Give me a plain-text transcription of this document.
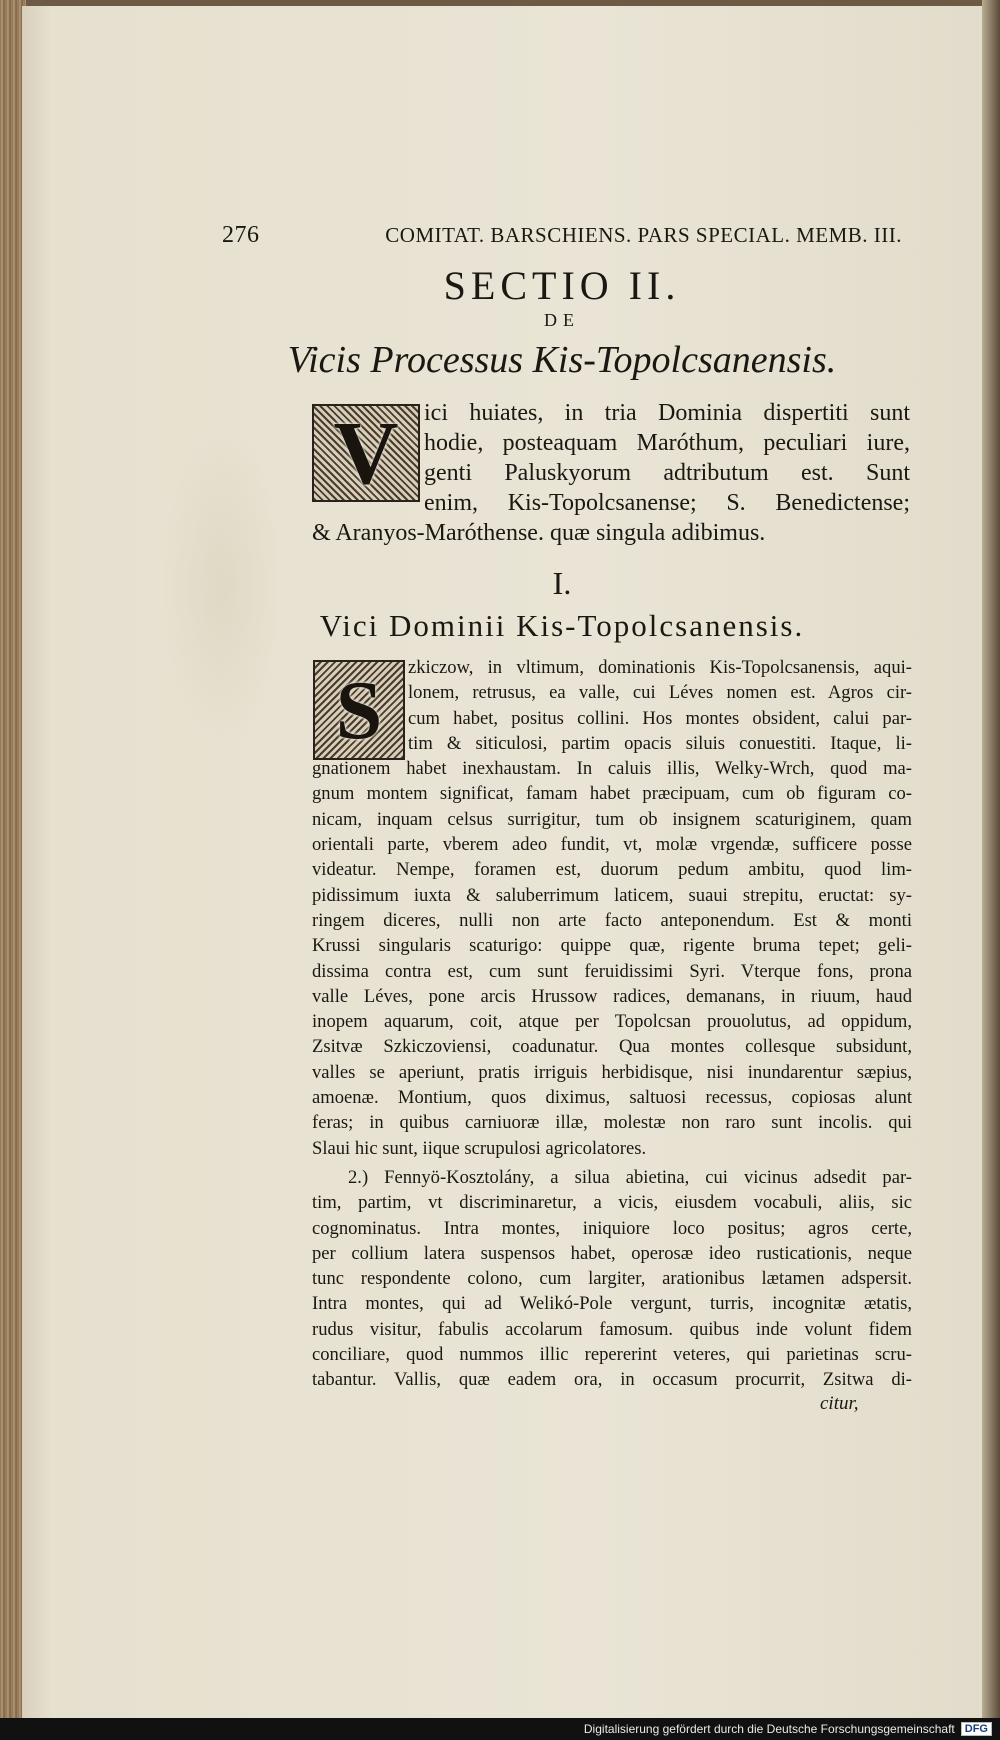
276	COMITAT. BARSCHIENS. PARS SPECIAL. MEMB. III.
SECTIO II.
DE
Vicis Processus Kis-Topolcsanensis.
V	ici huiates, in tria Dominia dispertiti sunt
hodie, posteaquam Maróthum, peculiari iure,
genti Paluskyorum adtributum est. Sunt
enim, Kis-Topolcsanense; S. Benedictense;
& Aranyos-Maróthense. quæ singula adibimus.
I.
Vici Dominii Kis-Topolcsanensis.
S	zkiczow, in vltimum, dominationis Kis-Topolcsanensis, aqui-
lonem, retrusus, ea valle, cui Léves nomen est. Agros cir-
cum habet, positus collini. Hos montes obsident, calui par-
tim & siticulosi, partim opacis siluis conuestiti. Itaque, li-
gnationem habet inexhaustam. In caluis illis, Welky-Wrch, quod ma-
gnum montem significat, famam habet præcipuam, cum ob figuram co-
nicam, inquam celsus surrigitur, tum ob insignem scaturiginem, quam
orientali parte, vberem adeo fundit, vt, molæ vrgendæ, sufficere posse
videatur. Nempe, foramen est, duorum pedum ambitu, quod lim-
pidissimum iuxta & saluberrimum laticem, suaui strepitu, eructat: sy-
ringem diceres, nulli non arte facto anteponendum. Est & monti
Krussi singularis scaturigo: quippe quæ, rigente bruma tepet; geli-
dissima contra est, cum sunt feruidissimi Syri. Vterque fons, prona
valle Léves, pone arcis Hrussow radices, demanans, in riuum, haud
inopem aquarum, coit, atque per Topolcsan prouolutus, ad oppidum,
Zsitvæ Szkiczoviensi, coadunatur. Qua montes collesque subsidunt,
valles se aperiunt, pratis irriguis herbidisque, nisi inundarentur sæpius,
amoenæ. Montium, quos diximus, saltuosi recessus, copiosas alunt
feras; in quibus carniuoræ illæ, molestæ non raro sunt incolis. qui
Slaui hic sunt, iique scrupulosi agricolatores.
2.) Fennyö-Kosztolány, a silua abietina, cui vicinus adsedit par-
tim, partim, vt discriminaretur, a vicis, eiusdem vocabuli, aliis, sic
cognominatus. Intra montes, iniquiore loco positus; agros certe,
per collium latera suspensos habet, operosæ ideo rusticationis, neque
tunc respondente colono, cum largiter, arationibus lætamen adspersit.
Intra montes, qui ad Welikó-Pole vergunt, turris, incognitæ ætatis,
rudus visitur, fabulis accolarum famosum. quibus inde volunt fidem
conciliare, quod nummos illic repererint veteres, qui parietinas scru-
tabantur. Vallis, quæ eadem ora, in occasum procurrit, Zsitwa di-
citur,
Digitalisierung gefördert durch die Deutsche Forschungsgemeinschaft DFG
